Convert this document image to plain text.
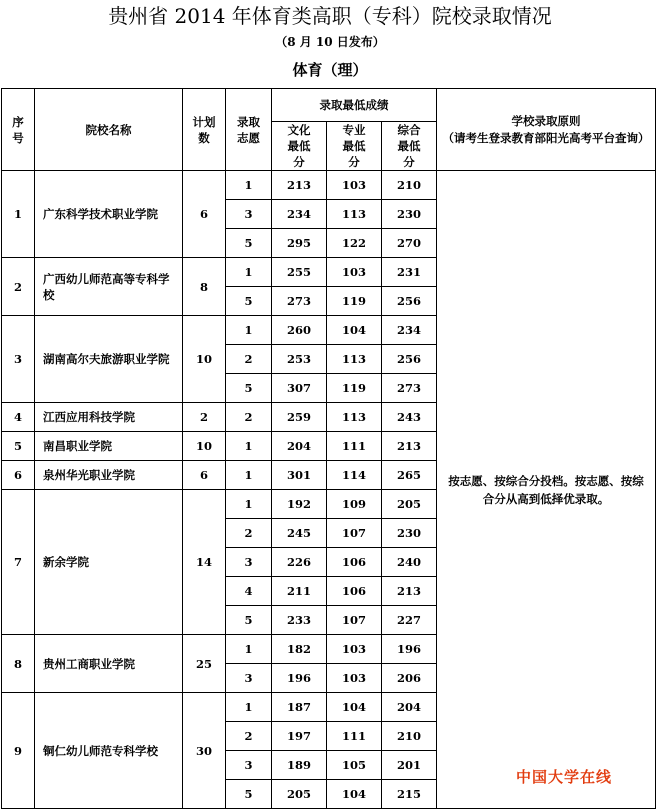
贵州省 2014 年体育类高职（专科）院校录取情况
（8 月 10 日发布）
体育（理）
序号	院校名称	计划数	录取志愿	录取最低成绩			学校录取原则
（请考生登录教育部阳光高考平台查询）

				文化最低分	专业最低分	综合最低分	
1	广东科学技术职业学院	6	1	213	103	210	按志愿、按综合分投档。按志愿、按综合分从高到低择优录取。
			3	234	113	230	
			5	295	122	270	
2	广西幼儿师范高等专科学校	8	1	255	103	231	
			5	273	119	256	
3	湖南高尔夫旅游职业学院	10	1	260	104	234	
			2	253	113	256	
			5	307	119	273	
4	江西应用科技学院	2	2	259	113	243	
5	南昌职业学院	10	1	204	111	213	
6	泉州华光职业学院	6	1	301	114	265	
7	新余学院	14	1	192	109	205	
			2	245	107	230	
			3	226	106	240	
			4	211	106	213	
			5	233	107	227	
8	贵州工商职业学院	25	1	182	103	196	
			3	196	103	206	
9	铜仁幼儿师范专科学校	30	1	187	104	204	
			2	197	111	210	
			3	189	105	201	
			5	205	104	215	
中国大学在线
